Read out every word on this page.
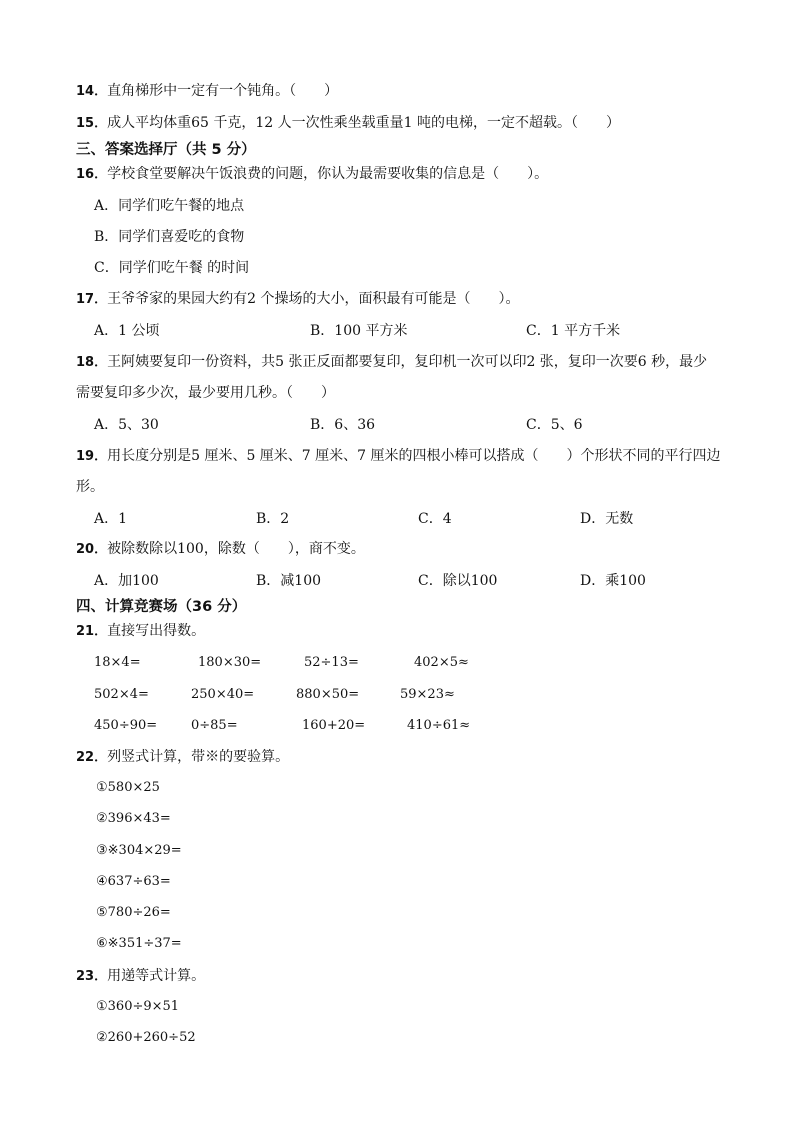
14．直角梯形中一定有一个钝角。（　　）
15．成人平均体重65 千克，12 人一次性乘坐载重量1 吨的电梯，一定不超载。（　　）
三、答案选择厅（共 5 分）
16．学校食堂要解决午饭浪费的问题，你认为最需要收集的信息是（　　）。
A．同学们吃午餐的地点
B．同学们喜爱吃的食物
C．同学们吃午餐 的时间
17．王爷爷家的果园大约有2 个操场的大小，面积最有可能是（　　）。
A．1 公顷	B．100 平方米	C．1 平方千米
18．王阿姨要复印一份资料，共5 张正反面都要复印，复印机一次可以印2 张，复印一次要6 秒，最少
需要复印多少次，最少要用几秒。（　　）
A．5、30	B．6、36	C．5、6
19．用长度分别是5 厘米、5 厘米、7 厘米、7 厘米的四根小棒可以搭成（　　）个形状不同的平行四边
形。
A．1	B．2	C．4	D．无数
20．被除数除以100，除数（　　），商不变。
A．加100	B．减100	C．除以100	D．乘100
四、计算竞赛场（36 分）
21．直接写出得数。
18×4=	180×30=	52÷13=	402×5≈
502×4=	250×40=	880×50=	59×23≈
450÷90=	0÷85=	160+20=	410÷61≈
22．列竖式计算，带※的要验算。
①580×25
②396×43=
③※304×29=
④637÷63=
⑤780÷26=
⑥※351÷37=
23．用递等式计算。
①360÷9×51
②260+260÷52
